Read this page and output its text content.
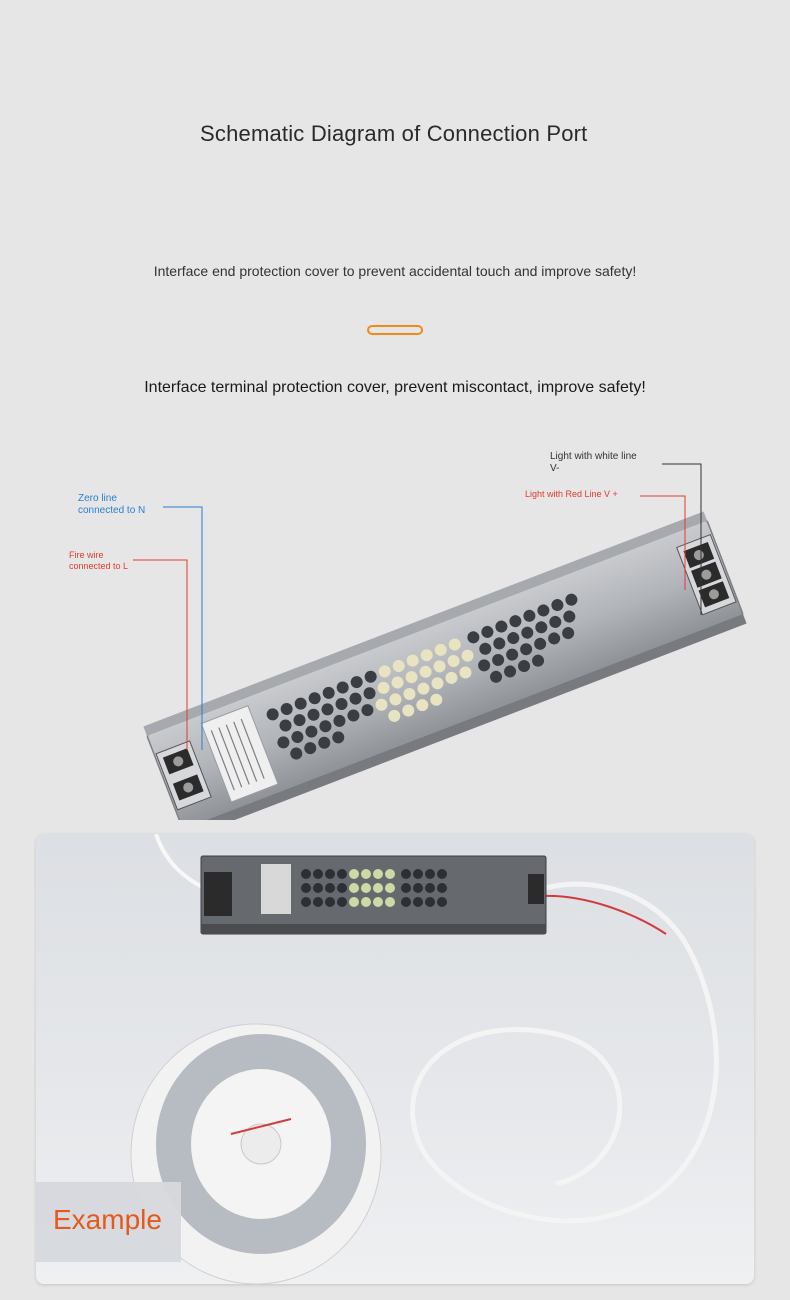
Schematic Diagram of Connection Port
Interface end protection cover to prevent accidental touch and improve safety!
Interface terminal protection cover, prevent miscontact, improve safety!
Zero line
connected to N
Fire wire
connected to L
Light with white line
V-
Light with Red Line V +
Example
